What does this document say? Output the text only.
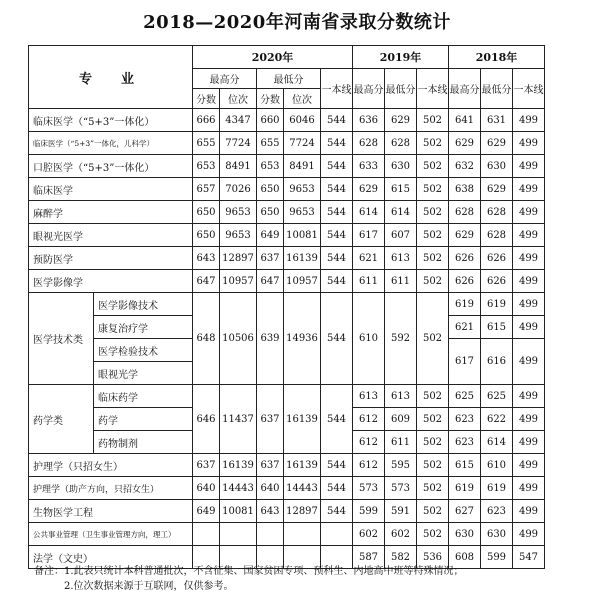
2018—2020年河南省录取分数统计
专　业		2020年					2019年			2018年		
		最高分		最低分		一本线	最高分	最低分	一本线	最高分	最低分	一本线
		分数	位次	分数	位次							
临床医学（“5+3”一体化）		666	4347	660	6046	544	636	629	502	641	631	499
临床医学（“5+3”一体化，儿科学）		655	7724	655	7724	544	628	628	502	629	629	499
口腔医学（“5+3”一体化）		653	8491	653	8491	544	633	630	502	632	630	499
临床医学		657	7026	650	9653	544	629	615	502	638	629	499
麻醉学		650	9653	650	9653	544	614	614	502	628	628	499
眼视光医学		650	9653	649	10081	544	617	607	502	629	628	499
预防医学		643	12897	637	16139	544	621	613	502	626	626	499
医学影像学		647	10957	647	10957	544	611	611	502	626	626	499
医学技术类	医学影像技术	648	10506	639	14936	544	610	592	502	619	619	499
	康复治疗学									621	615	499
	医学检验技术									617	616	499
	眼视光学											
药学类	临床药学	646	11437	637	16139	544	613	613	502	625	625	499
	药学						612	609	502	623	622	499
	药物制剂						612	611	502	623	614	499
护理学（只招女生）		637	16139	637	16139	544	612	595	502	615	610	499
护理学（助产方向，只招女生）		640	14443	640	14443	544	573	573	502	619	619	499
生物医学工程		649	10081	643	12897	544	599	591	502	627	623	499
公共事业管理（卫生事业管理方向，理工）							602	602	502	630	630	499
法学（文史）							587	582	536	608	599	547
备注：1.此表只统计本科普通批次，不含征集、国家贫困专项、预科生、内地高中班等特殊情况；
　　　2.位次数据来源于互联网，仅供参考。
